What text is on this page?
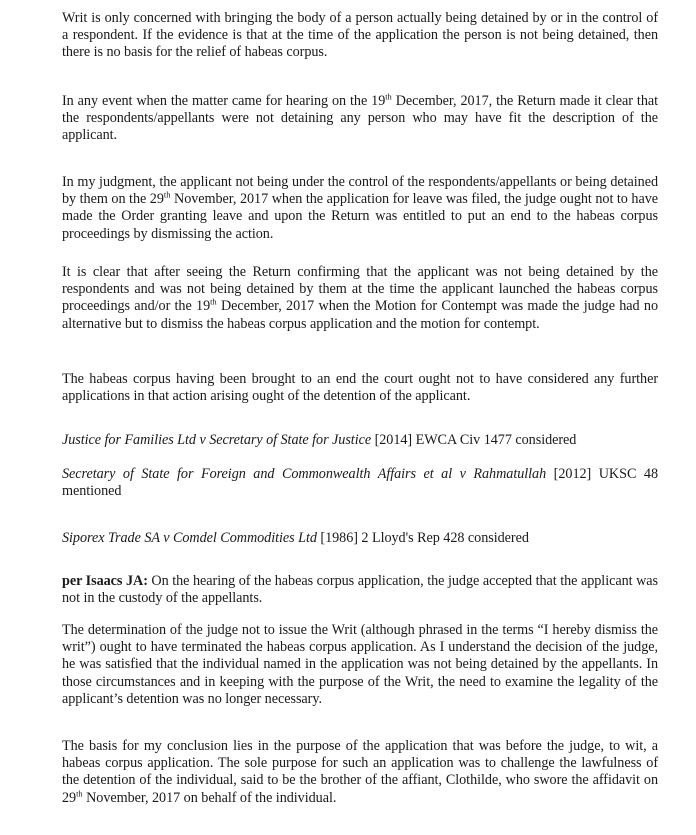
Writ is only concerned with bringing the body of a person actually being detained by or in the control of a respondent. If the evidence is that at the time of the application the person is not being detained, then there is no basis for the relief of habeas corpus.

In any event when the matter came for hearing on the 19th December, 2017, the Return made it clear that the respondents/appellants were not detaining any person who may have fit the description of the applicant.

In my judgment, the applicant not being under the control of the respondents/appellants or being detained by them on the 29th November, 2017 when the application for leave was filed, the judge ought not to have made the Order granting leave and upon the Return was entitled to put an end to the habeas corpus proceedings by dismissing the action.

It is clear that after seeing the Return confirming that the applicant was not being detained by the respondents and was not being detained by them at the time the applicant launched the habeas corpus proceedings and/or the 19th December, 2017 when the Motion for Contempt was made the judge had no alternative but to dismiss the habeas corpus application and the motion for contempt.

The habeas corpus having been brought to an end the court ought not to have considered any further applications in that action arising ought of the detention of the applicant.

Justice for Families Ltd v Secretary of State for Justice [2014] EWCA Civ 1477 considered

Secretary of State for Foreign and Commonwealth Affairs et al v Rahmatullah [2012] UKSC 48 mentioned

Siporex Trade SA v Comdel Commodities Ltd [1986] 2 Lloyd's Rep 428 considered

per Isaacs JA: On the hearing of the habeas corpus application, the judge accepted that the applicant was not in the custody of the appellants.

The determination of the judge not to issue the Writ (although phrased in the terms “I hereby dismiss the writ”) ought to have terminated the habeas corpus application. As I understand the decision of the judge, he was satisfied that the individual named in the application was not being detained by the appellants. In those circumstances and in keeping with the purpose of the Writ, the need to examine the legality of the applicant’s detention was no longer necessary.

The basis for my conclusion lies in the purpose of the application that was before the judge, to wit, a habeas corpus application. The sole purpose for such an application was to challenge the lawfulness of the detention of the individual, said to be the brother of the affiant, Clothilde, who swore the affidavit on 29th November, 2017 on behalf of the individual.
